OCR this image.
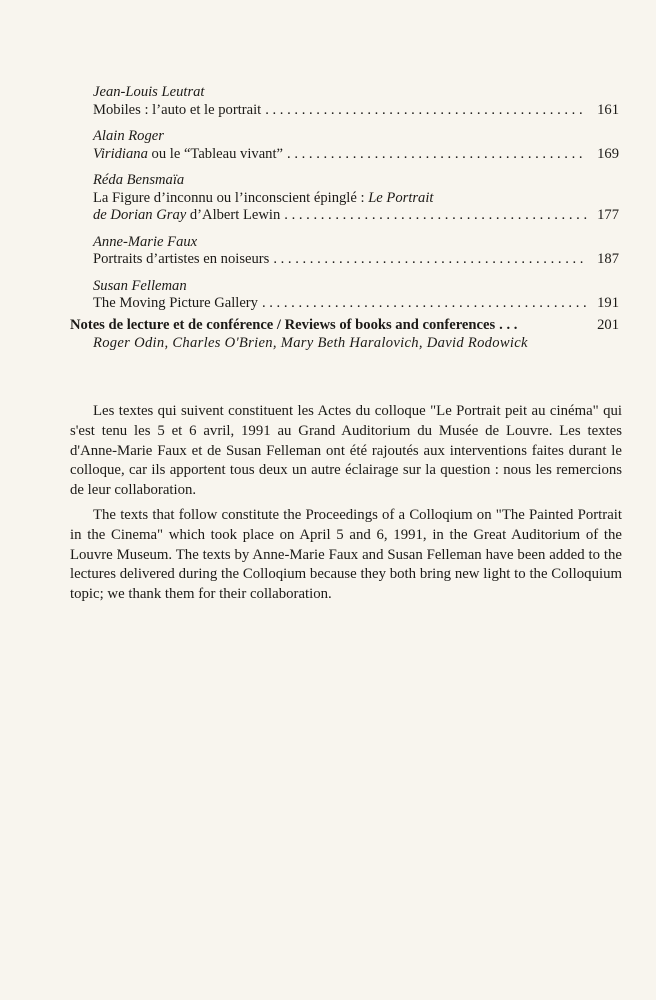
Jean-Louis Leutrat
Mobiles : l’auto et le portrait . . .	161
Alain Roger
Viridiana ou le “Tableau vivant” . . .	169
Réda Bensmaïa
La Figure d’inconnu ou l’inconscient épinglé : Le Portrait
de Dorian Gray d’Albert Lewin . . .	177
Anne-Marie Faux
Portraits d’artistes en noiseurs . . .	187
Susan Felleman
The Moving Picture Gallery . . .	191
Notes de lecture et de conférence / Reviews of books and conferences . . .	201
Roger Odin, Charles O'Brien, Mary Beth Haralovich, David Rodowick

Les textes qui suivent constituent les Actes du colloque "Le Portrait peit au cinéma" qui s'est tenu les 5 et 6 avril, 1991 au Grand Auditorium du Musée de Louvre. Les textes d'Anne-Marie Faux et de Susan Felleman ont été rajoutés aux interventions faites durant le colloque, car ils apportent tous deux un autre éclairage sur la question : nous les remercions de leur collaboration.

The texts that follow constitute the Proceedings of a Colloqium on "The Painted Portrait in the Cinema" which took place on April 5 and 6, 1991, in the Great Auditorium of the Louvre Museum. The texts by Anne-Marie Faux and Susan Felleman have been added to the lectures delivered during the Colloqium because they both bring new light to the Colloquium topic; we thank them for their collaboration.
